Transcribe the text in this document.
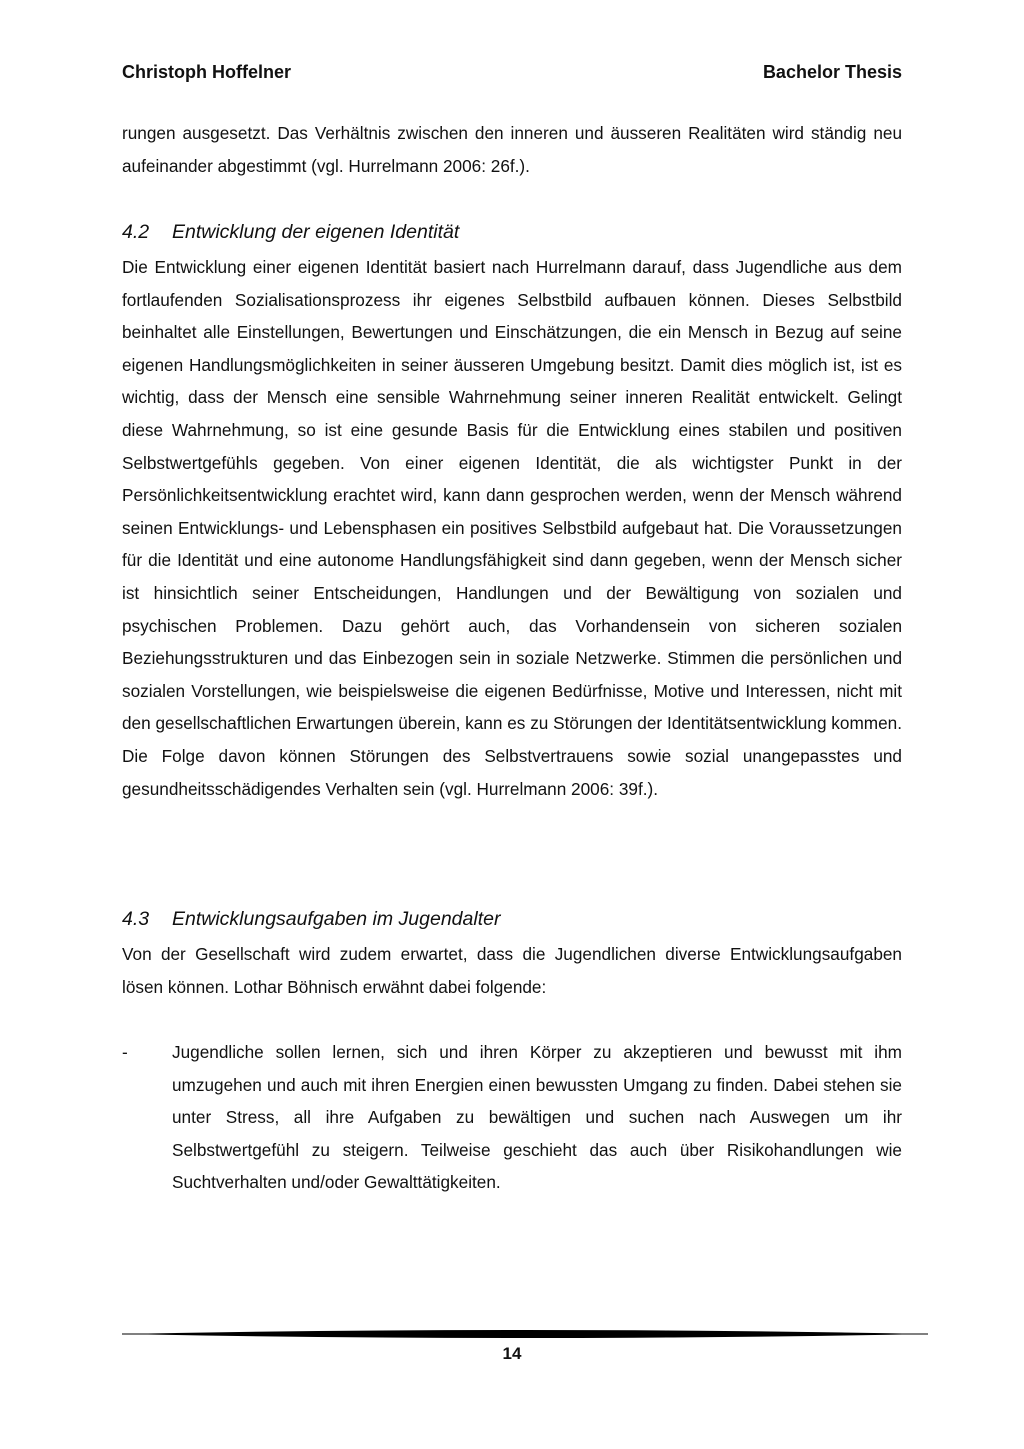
Christoph Hoffelner	Bachelor Thesis
rungen ausgesetzt. Das Verhältnis zwischen den inneren und äusseren Realitäten wird ständig neu aufeinander abgestimmt (vgl. Hurrelmann 2006: 26f.).
4.2 Entwicklung der eigenen Identität
Die Entwicklung einer eigenen Identität basiert nach Hurrelmann darauf, dass Jugendliche aus dem fortlaufenden Sozialisationsprozess ihr eigenes Selbstbild aufbauen können. Dieses Selbstbild beinhaltet alle Einstellungen, Bewertungen und Einschätzungen, die ein Mensch in Bezug auf seine eigenen Handlungsmöglichkeiten in seiner äusseren Umgebung besitzt. Damit dies möglich ist, ist es wichtig, dass der Mensch eine sensible Wahrnehmung seiner inneren Realität entwickelt. Gelingt diese Wahrnehmung, so ist eine gesunde Basis für die Entwicklung eines stabilen und positiven Selbstwertgefühls gegeben. Von einer eigenen Identität, die als wichtigster Punkt in der Persönlichkeitsentwicklung erachtet wird, kann dann gesprochen werden, wenn der Mensch während seinen Entwicklungs- und Lebensphasen ein positives Selbstbild aufgebaut hat. Die Voraussetzungen für die Identität und eine autonome Handlungsfähigkeit sind dann gegeben, wenn der Mensch sicher ist hinsichtlich seiner Entscheidungen, Handlungen und der Bewältigung von sozialen und psychischen Problemen. Dazu gehört auch, das Vorhandensein von sicheren sozialen Beziehungsstrukturen und das Einbezogen sein in soziale Netzwerke. Stimmen die persönlichen und sozialen Vorstellungen, wie beispielsweise die eigenen Bedürfnisse, Motive und Interessen, nicht mit den gesellschaftlichen Erwartungen überein, kann es zu Störungen der Identitätsentwicklung kommen. Die Folge davon können Störungen des Selbstvertrauens sowie sozial unangepasstes und gesundheitsschädigendes Verhalten sein (vgl. Hurrelmann 2006: 39f.).
4.3 Entwicklungsaufgaben im Jugendalter
Von der Gesellschaft wird zudem erwartet, dass die Jugendlichen diverse Entwicklungsaufgaben lösen können. Lothar Böhnisch erwähnt dabei folgende:
-	Jugendliche sollen lernen, sich und ihren Körper zu akzeptieren und bewusst mit ihm umzugehen und auch mit ihren Energien einen bewussten Umgang zu finden. Dabei stehen sie unter Stress, all ihre Aufgaben zu bewältigen und suchen nach Auswegen um ihr Selbstwertgefühl zu steigern. Teilweise geschieht das auch über Risikohandlungen wie Suchtverhalten und/oder Gewalttätigkeiten.
14
